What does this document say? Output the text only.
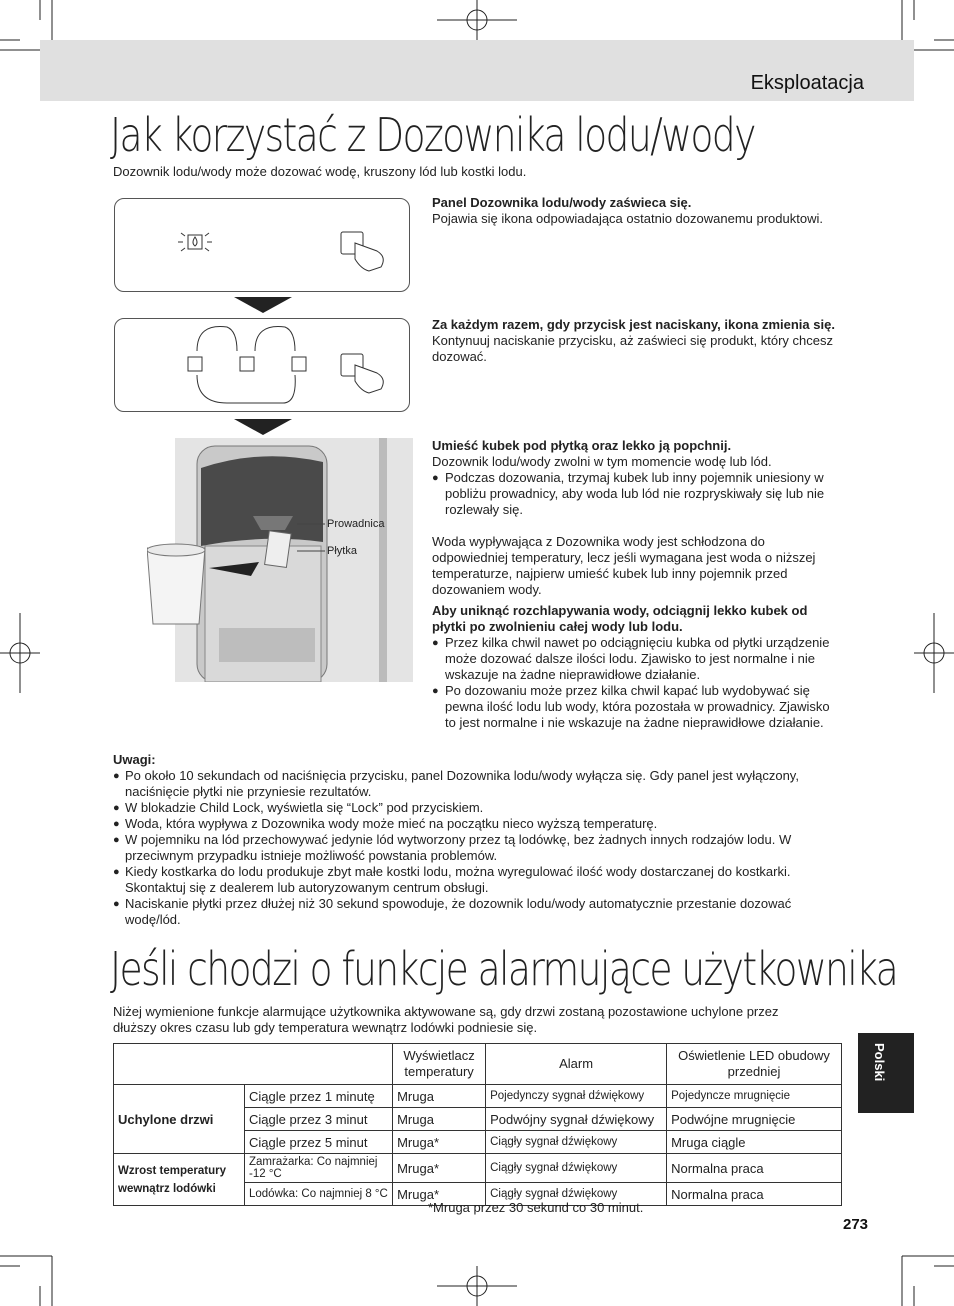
Eksploatacja
Jak korzystać z Dozownika lodu/wody
Dozownik lodu/wody może dozować wodę, kruszony lód lub kostki lodu.
Prowadnica
Płytka
Panel Dozownika lodu/wody zaświeca się.
Pojawia się ikona odpowiadająca ostatnio dozowanemu produktowi.
Za każdym razem, gdy przycisk jest naciskany, ikona zmienia się.
Kontynuuj naciskanie przycisku, aż zaświeci się produkt, który chcesz dozować.
Umieść kubek pod płytką oraz lekko ją popchnij.
Dozownik lodu/wody zwolni w tym momencie wodę lub lód.
● Podczas dozowania, trzymaj kubek lub inny pojemnik uniesiony w pobliżu prowadnicy, aby woda lub lód nie rozpryskiwały się lub nie rozlewały się.
Woda wypływająca z Dozownika wody jest schłodzona do odpowiedniej temperatury, lecz jeśli wymagana jest woda o niższej temperaturze, najpierw umieść kubek lub inny pojemnik przed dozowaniem wody.
Aby uniknąć rozchlapywania wody, odciągnij lekko kubek od płytki po zwolnieniu całej wody lub lodu.
● Przez kilka chwil nawet po odciągnięciu kubka od płytki urządzenie może dozować dalsze ilości lodu. Zjawisko to jest normalne i nie wskazuje na żadne nieprawidłowe działanie.
● Po dozowaniu może przez kilka chwil kapać lub wydobywać się pewna ilość lodu lub wody, która pozostała w prowadnicy. Zjawisko to jest normalne i nie wskazuje na żadne nieprawidłowe działanie.
Uwagi:
● Po około 10 sekundach od naciśnięcia przycisku, panel Dozownika lodu/wody wyłącza się. Gdy panel jest wyłączony, naciśnięcie płytki nie przyniesie rezultatów.
● W blokadzie Child Lock, wyświetla się “Lock” pod przyciskiem.
● Woda, która wypływa z Dozownika wody może mieć na początku nieco wyższą temperaturę.
● W pojemniku na lód przechowywać jedynie lód wytworzony przez tą lodówkę, bez żadnych innych rodzajów lodu. W przeciwnym przypadku istnieje możliwość powstania problemów.
● Kiedy kostkarka do lodu produkuje zbyt małe kostki lodu, można wyregulować ilość wody dostarczanej do kostkarki. Skontaktuj się z dealerem lub autoryzowanym centrum obsługi.
● Naciskanie płytki przez dłużej niż 30 sekund spowoduje, że dozownik lodu/wody automatycznie przestanie dozować wodę/lód.
Jeśli chodzi o funkcje alarmujące użytkownika
Niżej wymienione funkcje alarmujące użytkownika aktywowane są, gdy drzwi zostaną pozostawione uchylone przez dłuższy okres czasu lub gdy temperatura wewnątrz lodówki podniesie się.
		Wyświetlacz temperatury	Alarm	Oświetlenie LED obudowy przedniej
Uchylone drzwi	Ciągle przez 1 minutę	Mruga	Pojedynczy sygnał dźwiękowy	Pojedyncze mrugnięcie
	Ciągle przez 3 minut	Mruga	Podwójny sygnał dźwiękowy	Podwójne mrugnięcie
	Ciągle przez 5 minut	Mruga*	Ciągły sygnał dźwiękowy	Mruga ciągle
Wzrost temperatury wewnątrz lodówki	Zamrażarka: Co najmniej -12 °C	Mruga*	Ciągły sygnał dźwiękowy	Normalna praca
	Lodówka: Co najmniej 8 °C	Mruga*	Ciągły sygnał dźwiękowy	Normalna praca
*Mruga przez 30 sekund co 30 minut.
Polski
273
